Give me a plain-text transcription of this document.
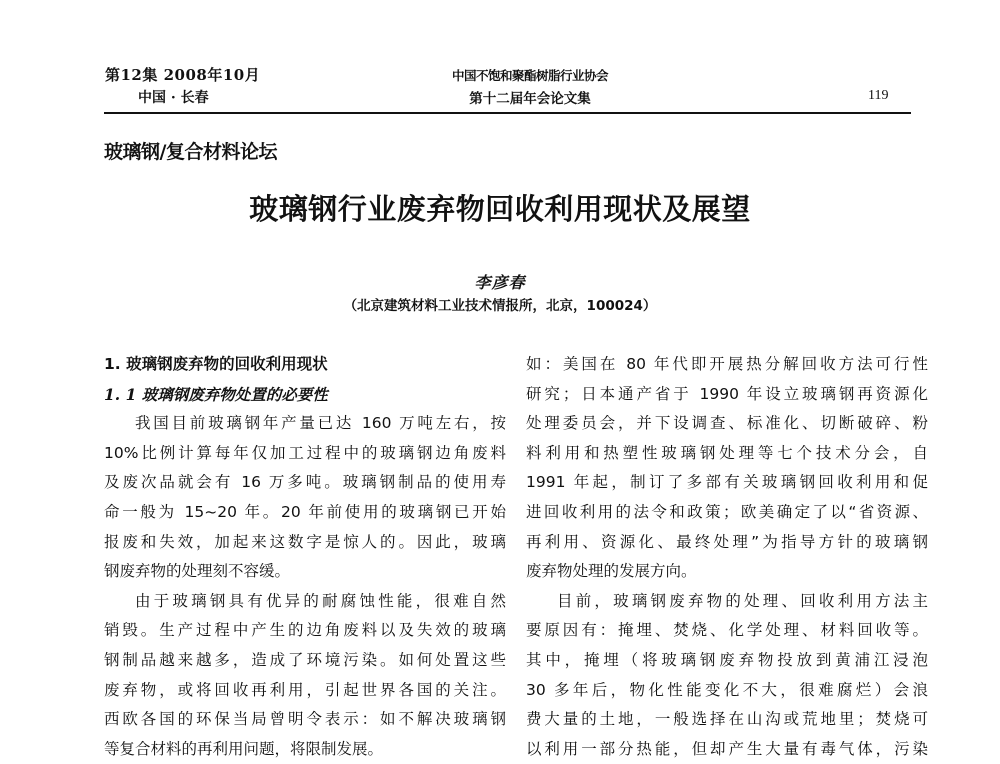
第12集 2008年10月
中国 · 长春
中国不饱和聚酯树脂行业协会
第十二届年会论文集	119
玻璃钢/复合材料论坛
玻璃钢行业废弃物回收利用现状及展望
李彦春
（北京建筑材料工业技术情报所，北京，100024）
1. 玻璃钢废弃物的回收利用现状
1. 1 玻璃钢废弃物处置的必要性
我国目前玻璃钢年产量已达 160 万吨左右，按
10%比例计算每年仅加工过程中的玻璃钢边角废料
及废次品就会有 16 万多吨。玻璃钢制品的使用寿
命一般为 15~20 年。20 年前使用的玻璃钢已开始
报废和失效，加起来这数字是惊人的。因此，玻璃
钢废弃物的处理刻不容缓。
由于玻璃钢具有优异的耐腐蚀性能，很难自然
销毁。生产过程中产生的边角废料以及失效的玻璃
钢制品越来越多，造成了环境污染。如何处置这些
废弃物，或将回收再利用，引起世界各国的关注。
西欧各国的环保当局曾明令表示：如不解决玻璃钢
等复合材料的再利用问题，将限制发展。
如：美国在 80 年代即开展热分解回收方法可行性
研究；日本通产省于 1990 年设立玻璃钢再资源化
处理委员会，并下设调查、标准化、切断破碎、粉
料利用和热塑性玻璃钢处理等七个技术分会，自
1991 年起，制订了多部有关玻璃钢回收利用和促
进回收利用的法令和政策；欧美确定了以“省资源、
再利用、资源化、最终处理”为指导方针的玻璃钢
废弃物处理的发展方向。
目前，玻璃钢废弃物的处理、回收利用方法主
要原因有：掩埋、焚烧、化学处理、材料回收等。
其中，掩埋（将玻璃钢废弃物投放到黄浦江浸泡
30 多年后，物化性能变化不大，很难腐烂）会浪
费大量的土地，一般选择在山沟或荒地里；焚烧可
以利用一部分热能，但却产生大量有毒气体，污染
